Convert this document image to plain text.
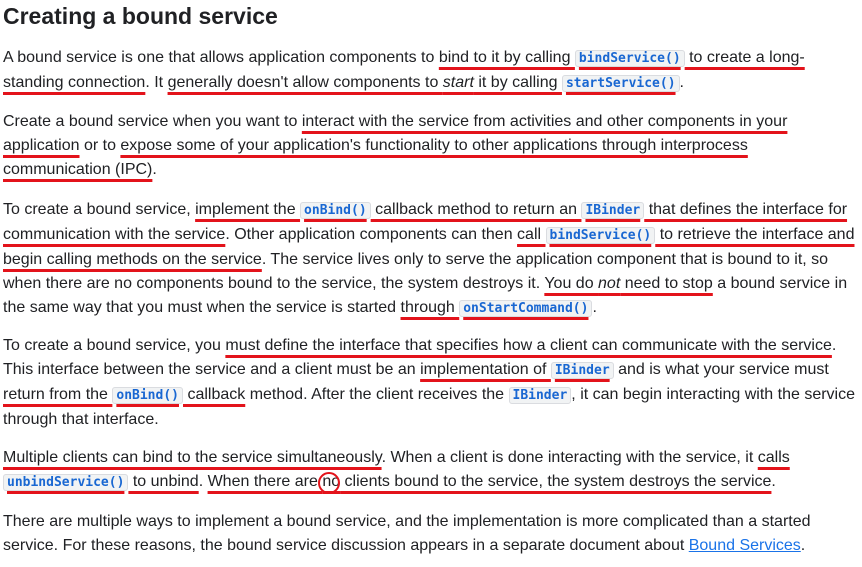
Creating a bound service

A bound service is one that allows application components to bind to it by calling bindService() to create a long-standing connection. It generally doesn't allow components to start it by calling startService() .

Create a bound service when you want to interact with the service from activities and other components in your application or to expose some of your application's functionality to other applications through interprocess communication (IPC).

To create a bound service, implement the onBind() callback method to return an IBinder that defines the interface for communication with the service. Other application components can then call bindService() to retrieve the interface and begin calling methods on the service. The service lives only to serve the application component that is bound to it, so when there are no components bound to the service, the system destroys it. You do not need to stop a bound service in the same way that you must when the service is started through onStartCommand() .

To create a bound service, you must define the interface that specifies how a client can communicate with the service. This interface between the service and a client must be an implementation of IBinder and is what your service must return from the onBind() callback method. After the client receives the IBinder , it can begin interacting with the service through that interface.

Multiple clients can bind to the service simultaneously. When a client is done interacting with the service, it calls unbindService() to unbind. When there are
no clients bound to the service, the system destroys the service.

There are multiple ways to implement a bound service, and the implementation is more complicated than a started service. For these reasons, the bound service discussion appears in a separate document about Bound Services.
